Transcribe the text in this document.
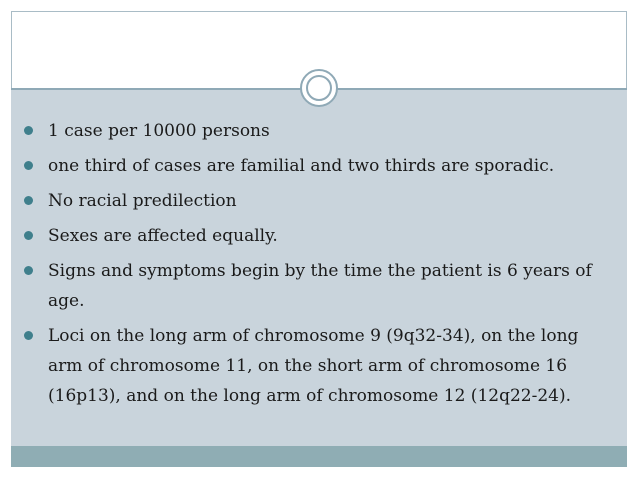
1 case per 10000 persons
one third of cases are familial and two thirds are sporadic.
No racial predilection
Sexes are affected equally.
Signs and symptoms begin by the time the patient is 6 years of age.
Loci on the long arm of chromosome 9 (9q32-34), on the long arm of chromosome 11, on the short arm of chromosome 16 (16p13), and on the long arm of chromosome 12 (12q22-24).
